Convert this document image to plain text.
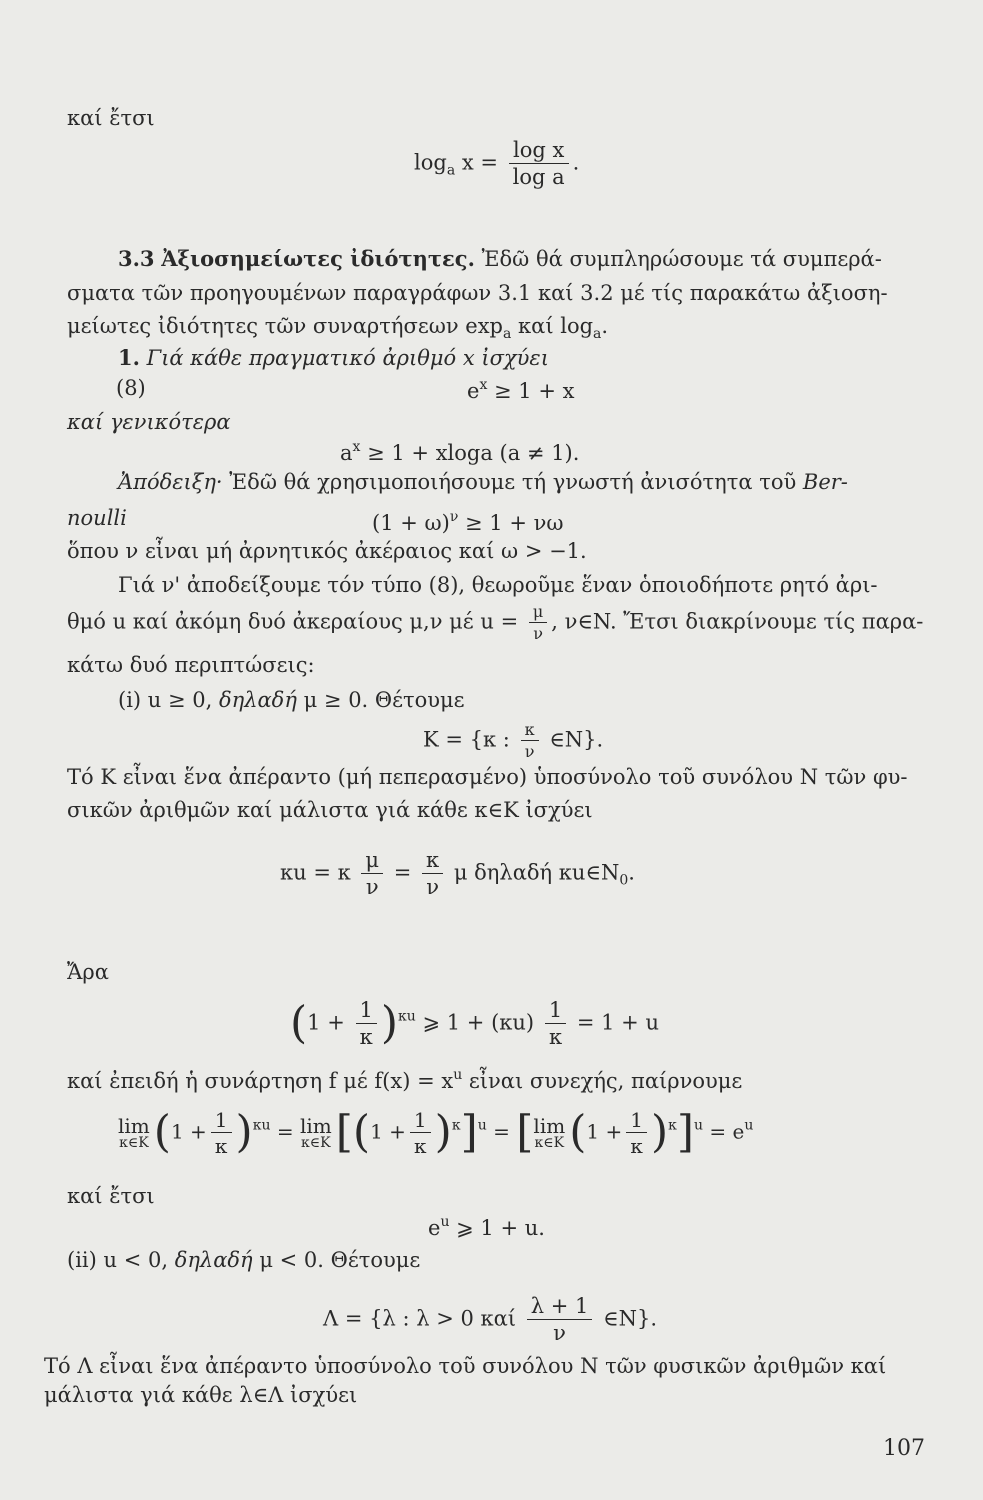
καί ἔτσι
$\log_a x = \frac{\text{log x}}{\text{log a}}$ .
3.3 Ἀξιοσημείωτες ἰδιότητες. Ἐδῶ θά συμπληρώσουμε τά συμπερά-
σματα τῶν προηγουμένων παραγράφων 3.1 καί 3.2 μέ τίς παρακάτω ἀξιοση-
μείωτες ἰδιότητες τῶν συναρτήσεων $\exp_a \kappa\alpha ί$ $\log_a$.
1. Γιά κάθε πραγματικό ἀριθμό x ἰσχύει
(8)	$e^x \ge 1 + x$
καί γενικότερα
$a^x \ge 1 + xloga$ (a ≠ 1).
Ἀπόδειξη· Ἐδῶ θά χρησιμοποιήσουμε τή γνωστή ἀνισότητα τοῦ Ber-
noulli	$(1 + \omega)^\nu \ge 1 + \nu\omega$
ὅπου ν εἶναι μή ἀρνητικός ἀκέραιος καί ω > −1.
Γιά ν' ἀποδείξουμε τόν τύπο (8), θεωροῦμε ἕναν ὁποιοδήποτε ρητό ἀρι-
θμό u καί ἀκόμη δυό ἀκεραίους μ,ν μέ $u = \frac{\mu}{\nu}$ , ν∈N. Ἔτσι διακρίνουμε τίς παρα-
κάτω δυό περιπτώσεις:
(i) u ≥ 0, δηλαδή μ ≥ 0. Θέτουμε
K = {κ : $\frac{\kappa}{\nu}$ ∈N}.
Τό K εἶναι ἕνα ἀπέραντο (μή πεπερασμένο) ὑποσύνολο τοῦ συνόλου N τῶν φυ-
σικῶν ἀριθμῶν καί μάλιστα γιά κάθε κ∈K ἰσχύει
κu = κ $\frac{\mu}{\nu} = \frac{\kappa}{\nu}$ μ δηλαδή $\kappa u\in N_0$.
Ἄρα
$(1 + \frac{1}{\kappa} )^{\kappa u}$ ⩾ $1 + (\kappa u) \frac{1}{\kappa} = 1 + u$
καί ἐπειδή ἡ συνάρτηση f μέ $f(x) = x^u$ εἶναι συνεχής, παίρνουμε
lim
κ∈K $(1 + \frac{1}{\kappa} )^{\kappa u} = \lim$
κ∈K $[(1 + \frac{1}{\kappa} )^\kappa]^u$ = [ lim
κ∈K $(1 + \frac{1}{\kappa} )^\kappa]^u = e^u$
καί ἔτσι
$e^u$ ⩾ 1 + u.
(ii) u < 0, δηλαδή μ < 0. Θέτουμε
Λ = {λ : λ > 0 καί $\frac{\lambda + 1}{\nu}$ ∈N}.
Τό Λ εἶναι ἕνα ἀπέραντο ὑποσύνολο τοῦ συνόλου N τῶν φυσικῶν ἀριθμῶν καί
μάλιστα γιά κάθε λ∈Λ ἰσχύει
107
